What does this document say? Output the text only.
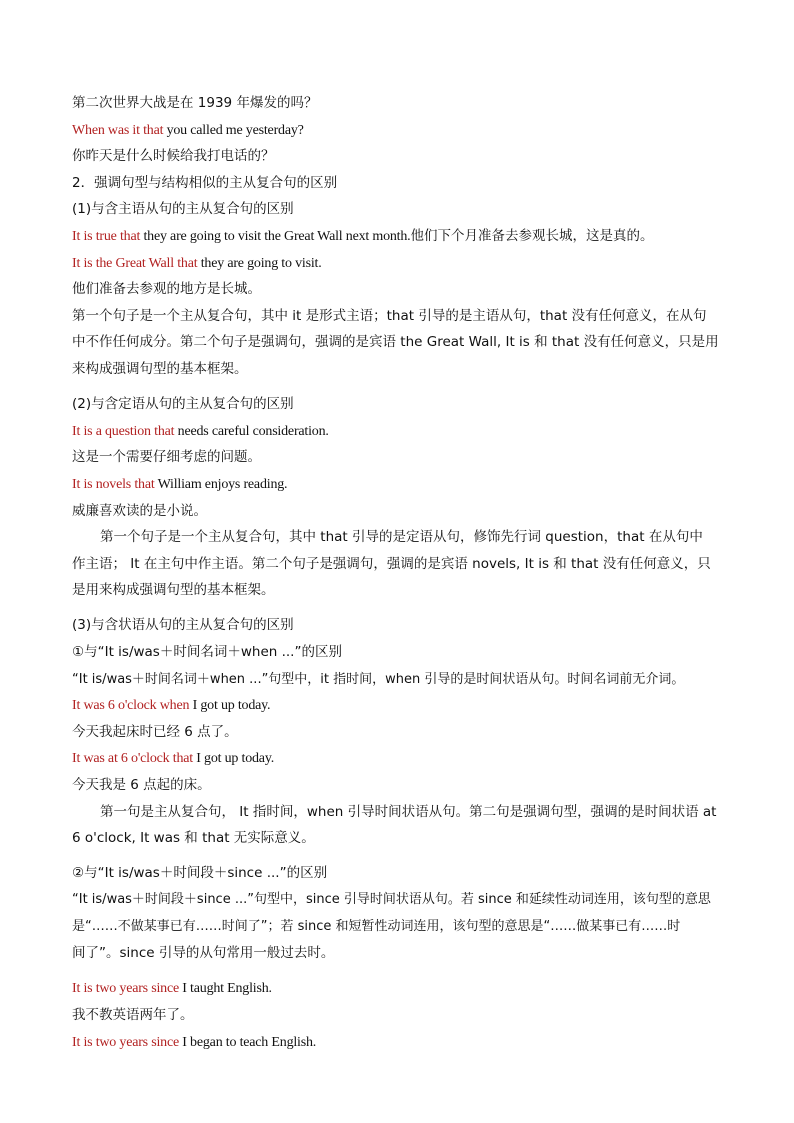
第二次世界大战是在 1939 年爆发的吗？
When was it that you called me yesterday?
你昨天是什么时候给我打电话的？
2．强调句型与结构相似的主从复合句的区别
(1)与含主语从句的主从复合句的区别
It is true that they are going to visit the Great Wall next month.他们下个月准备去参观长城，这是真的。
It is the Great Wall that they are going to visit.
他们准备去参观的地方是长城。
第一个句子是一个主从复合句，其中 it 是形式主语；that 引导的是主语从句，that 没有任何意义，在从句
中不作任何成分。第二个句子是强调句，强调的是宾语 the Great Wall, It is 和 that 没有任何意义，只是用
来构成强调句型的基本框架。
(2)与含定语从句的主从复合句的区别
It is a question that needs careful consideration.
这是一个需要仔细考虑的问题。
It is novels that William enjoys reading.
威廉喜欢读的是小说。
第一个句子是一个主从复合句，其中 that 引导的是定语从句，修饰先行词 question，that 在从句中
作主语； It 在主句中作主语。第二个句子是强调句，强调的是宾语 novels, It is 和 that 没有任何意义，只
是用来构成强调句型的基本框架。
(3)与含状语从句的主从复合句的区别
①与“It is/was＋时间名词＋when ...”的区别
“It is/was＋时间名词＋when ...”句型中，it 指时间，when 引导的是时间状语从句。时间名词前无介词。
It was 6 o'clock when I got up today.
今天我起床时已经 6 点了。
It was at 6 o'clock that I got up today.
今天我是 6 点起的床。
第一句是主从复合句， It 指时间，when 引导时间状语从句。第二句是强调句型，强调的是时间状语 at
6 o'clock, It was 和 that 无实际意义。
②与“It is/was＋时间段＋since ...”的区别
“It is/was＋时间段＋since ...”句型中，since 引导时间状语从句。若 since 和延续性动词连用，该句型的意思
是“……不做某事已有……时间了”；若 since 和短暂性动词连用，该句型的意思是“……做某事已有……时
间了”。since 引导的从句常用一般过去时。
It is two years since I taught English.
我不教英语两年了。
It is two years since I began to teach English.
